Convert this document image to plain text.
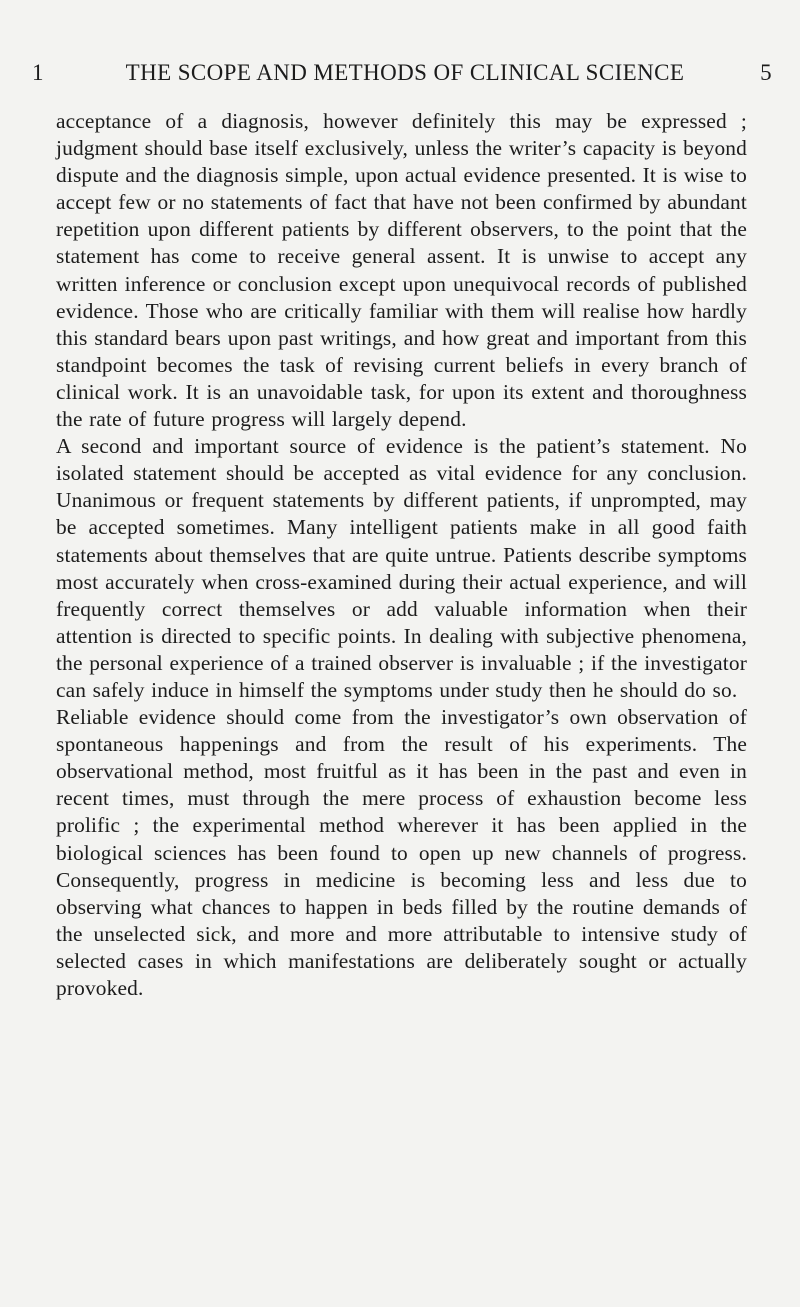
1	THE SCOPE AND METHODS OF CLINICAL SCIENCE	5

acceptance of a diagnosis, however definitely this may be expressed ; judgment should base itself exclusively, unless the writer’s capacity is beyond dispute and the diagnosis simple, upon actual evidence presented. It is wise to accept few or no statements of fact that have not been confirmed by abundant repetition upon different patients by different observers, to the point that the statement has come to receive general assent. It is unwise to accept any written inference or conclusion except upon unequivocal records of published evidence. Those who are critically familiar with them will realise how hardly this standard bears upon past writings, and how great and important from this standpoint becomes the task of revising current beliefs in every branch of clinical work. It is an unavoidable task, for upon its extent and thoroughness the rate of future progress will largely depend.

A second and important source of evidence is the patient’s statement. No isolated statement should be accepted as vital evidence for any conclusion. Unanimous or frequent statements by different patients, if unprompted, may be accepted sometimes. Many intelligent patients make in all good faith statements about themselves that are quite untrue. Patients describe symptoms most accurately when cross-examined during their actual experience, and will frequently correct themselves or add valuable information when their attention is directed to specific points. In dealing with subjective phenomena, the personal experience of a trained observer is invaluable ; if the investigator can safely induce in himself the symptoms under study then he should do so.

Reliable evidence should come from the investigator’s own observation of spontaneous happenings and from the result of his experiments. The observational method, most fruitful as it has been in the past and even in recent times, must through the mere process of exhaustion become less prolific ; the experimental method wherever it has been applied in the biological sciences has been found to open up new channels of progress. Consequently, progress in medicine is becoming less and less due to observing what chances to happen in beds filled by the routine demands of the unselected sick, and more and more attributable to intensive study of selected cases in which manifestations are deliberately sought or actually provoked.
